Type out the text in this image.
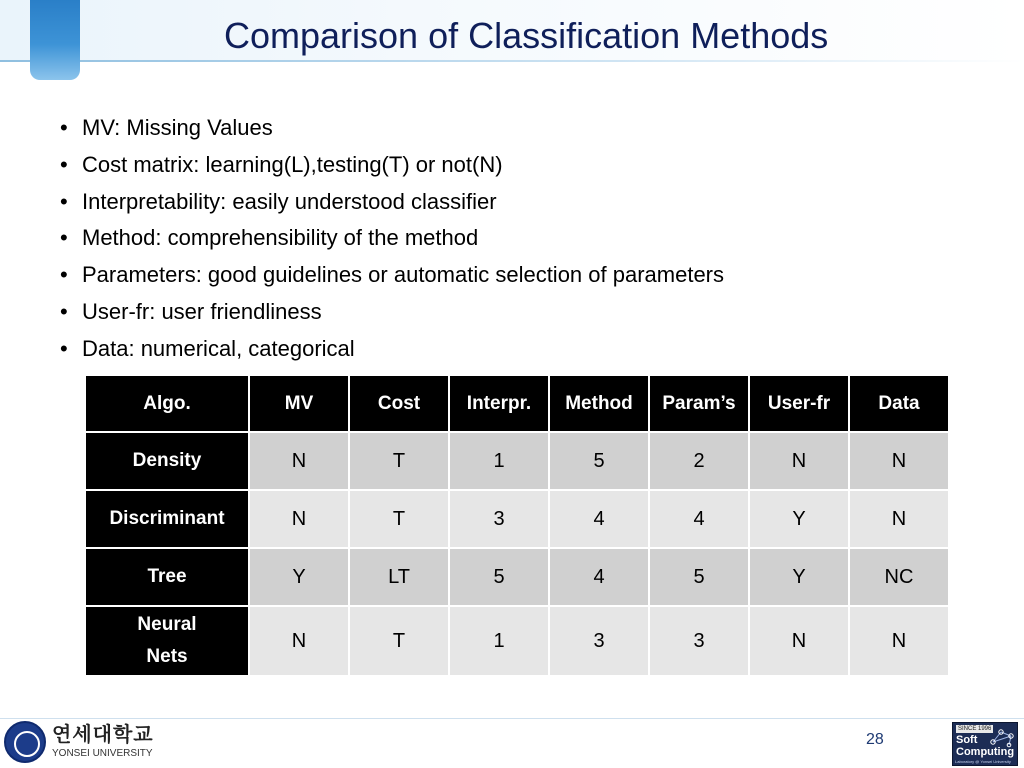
Comparison of Classification Methods
• MV: Missing Values
• Cost matrix: learning(L),testing(T) or not(N)
• Interpretability: easily understood classifier
• Method: comprehensibility of the method
• Parameters: good guidelines or automatic selection of parameters
• User-fr: user friendliness
• Data: numerical, categorical
Algo.	MV	Cost	Interpr.	Method	Param’s	User-fr	Data
Density	N	T	1	5	2	N	N
Discriminant	N	T	3	4	4	Y	N
Tree	Y	LT	5	4	5	Y	NC

Neural
Nets	N	T	1	3	3	N	N
연세대학교
YONSEI UNIVERSITY
28
SINCE 1996
Soft
Computing
Laboratory @ Yonsei University
